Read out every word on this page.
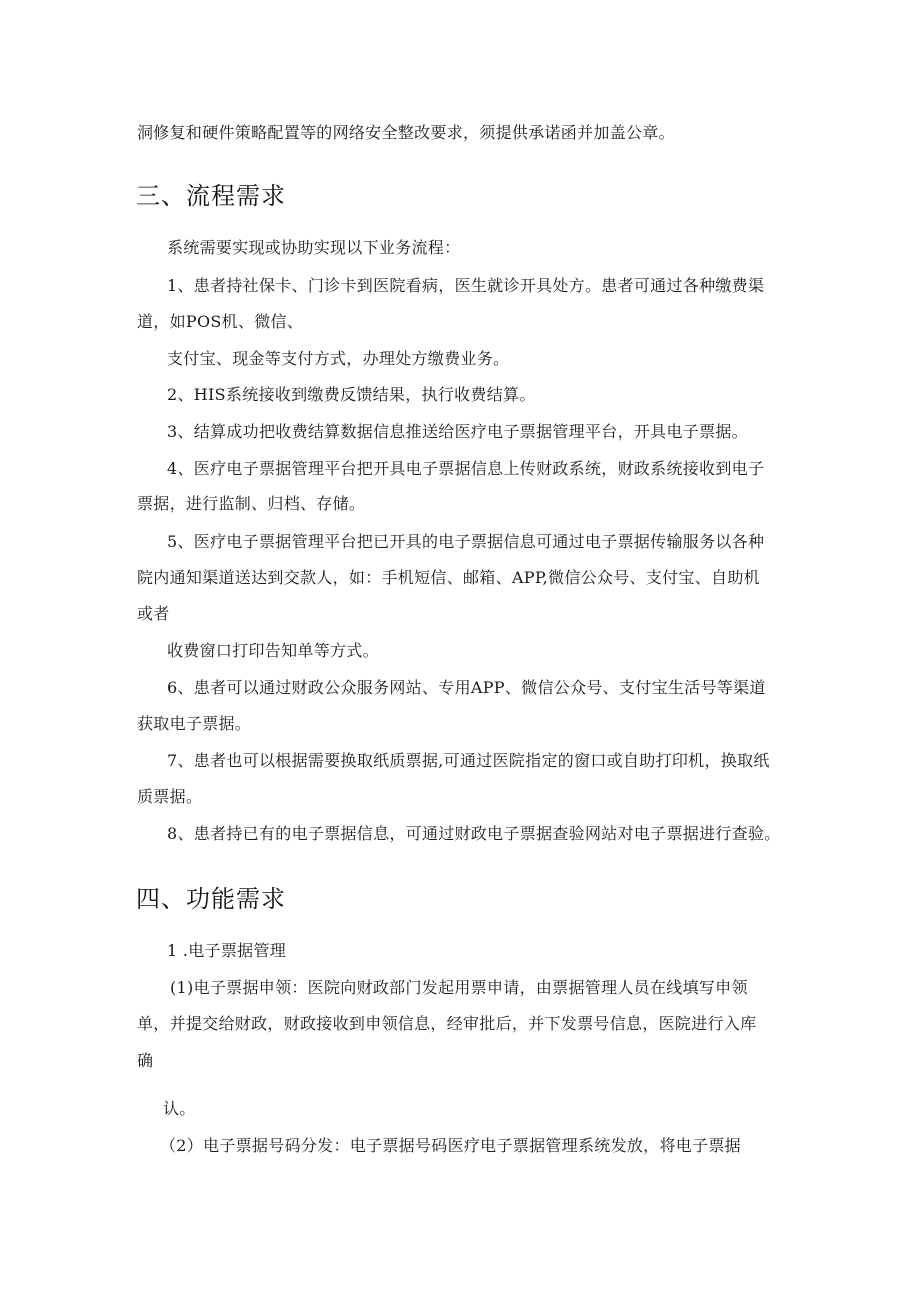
洞修复和硬件策略配置等的网络安全整改要求，须提供承诺函并加盖公章。
三、流程需求
系统需要实现或协助实现以下业务流程：
1、患者持社保卡、门诊卡到医院看病，医生就诊开具处方。患者可通过各种缴费渠
道，如POS机、微信、
支付宝、现金等支付方式，办理处方缴费业务。
2、HIS系统接收到缴费反馈结果，执行收费结算。
3、结算成功把收费结算数据信息推送给医疗电子票据管理平台，开具电子票据。
4、医疗电子票据管理平台把开具电子票据信息上传财政系统，财政系统接收到电子
票据，进行监制、归档、存储。
5、医疗电子票据管理平台把已开具的电子票据信息可通过电子票据传输服务以各种
院内通知渠道送达到交款人，如：手机短信、邮箱、APP,微信公众号、支付宝、自助机
或者
收费窗口打印告知单等方式。
6、患者可以通过财政公众服务网站、专用APP、微信公众号、支付宝生活号等渠道
获取电子票据。
7、患者也可以根据需要换取纸质票据,可通过医院指定的窗口或自助打印机，换取纸
质票据。
8、患者持已有的电子票据信息，可通过财政电子票据查验网站对电子票据进行查验。
四、功能需求
1 .电子票据管理
(1)电子票据申领：医院向财政部门发起用票申请，由票据管理人员在线填写申领
单，并提交给财政，财政接收到申领信息，经审批后，并下发票号信息，医院进行入库
确
认。
（2）电子票据号码分发：电子票据号码医疗电子票据管理系统发放，将电子票据
